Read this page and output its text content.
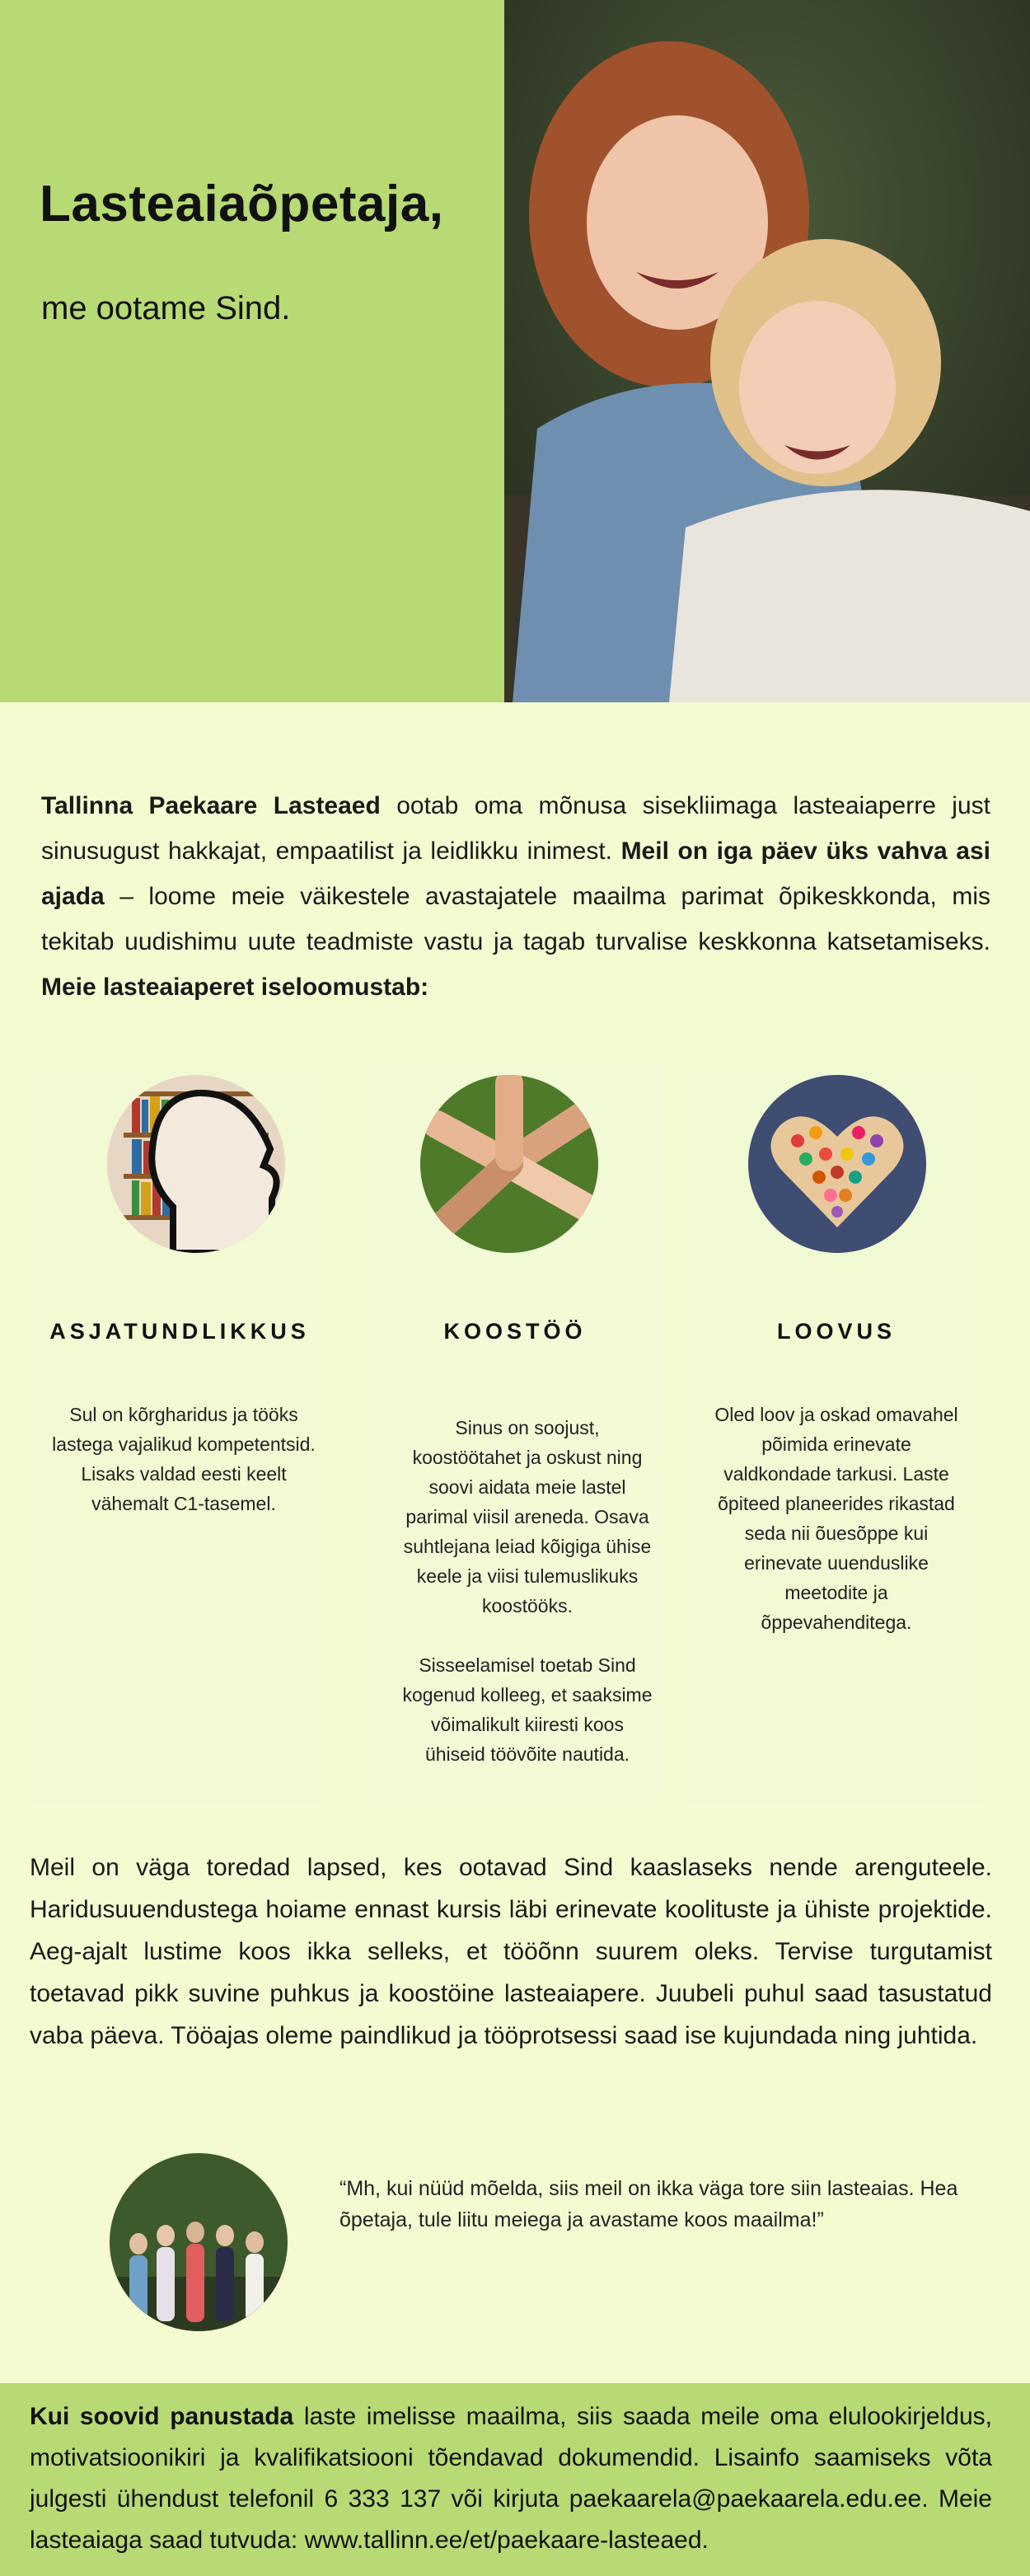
Lasteaiaõpetaja,
me ootame Sind.
Tallinna Paekaare Lasteaed ootab oma mõnusa sisekliimaga lasteaiaperre just sinusugust hakkajat, empaatilist ja leidlikku inimest. Meil on iga päev üks vahva asi ajada – loome meie väikestele avastajatele maailma parimat õpikeskkonda, mis tekitab uudishimu uute teadmiste vastu ja tagab turvalise keskkonna katsetamiseks. Meie lasteaiaperet iseloomustab:
ASJATUNDLIKKUS
Sul on kõrgharidus ja tööks lastega vajalikud kompetentsid. Lisaks valdad eesti keelt vähemalt C1-tasemel.
KOOSTÖÖ
Sinus on soojust, koostöötahet ja oskust ning soovi aidata meie lastel parimal viisil areneda. Osava suhtlejana leiad kõigiga ühise keele ja viisi tulemuslikuks koostööks.

Sisseelamisel toetab Sind kogenud kolleeg, et saaksime võimalikult kiiresti koos ühiseid töövõite nautida.
LOOVUS
Oled loov ja oskad omavahel põimida erinevate valdkondade tarkusi. Laste õpiteed planeerides rikastad seda nii õuesõppe kui erinevate uuenduslike meetodite ja õppevahenditega.
Meil on väga toredad lapsed, kes ootavad Sind kaaslaseks nende arenguteele. Haridusuuendustega hoiame ennast kursis läbi erinevate koolituste ja ühiste projektide. Aeg-ajalt lustime koos ikka selleks, et tööõnn suurem oleks. Tervise turgutamist toetavad pikk suvine puhkus ja koostöine lasteaiapere. Juubeli puhul saad tasustatud vaba päeva. Tööajas oleme paindlikud ja tööprotsessi saad ise kujundada ning juhtida.
“Mh, kui nüüd mõelda, siis meil on ikka väga tore siin lasteaias. Hea õpetaja, tule liitu meiega ja avastame koos maailma!”
Kui soovid panustada laste imelisse maailma, siis saada meile oma elulookirjeldus, motivatsioonikiri ja kvalifikatsiooni tõendavad dokumendid. Lisainfo saamiseks võta julgesti ühendust telefonil 6 333 137 või kirjuta paekaarela@paekaarela.edu.ee. Meie lasteaiaga saad tutvuda: www.tallinn.ee/et/paekaare-lasteaed.
